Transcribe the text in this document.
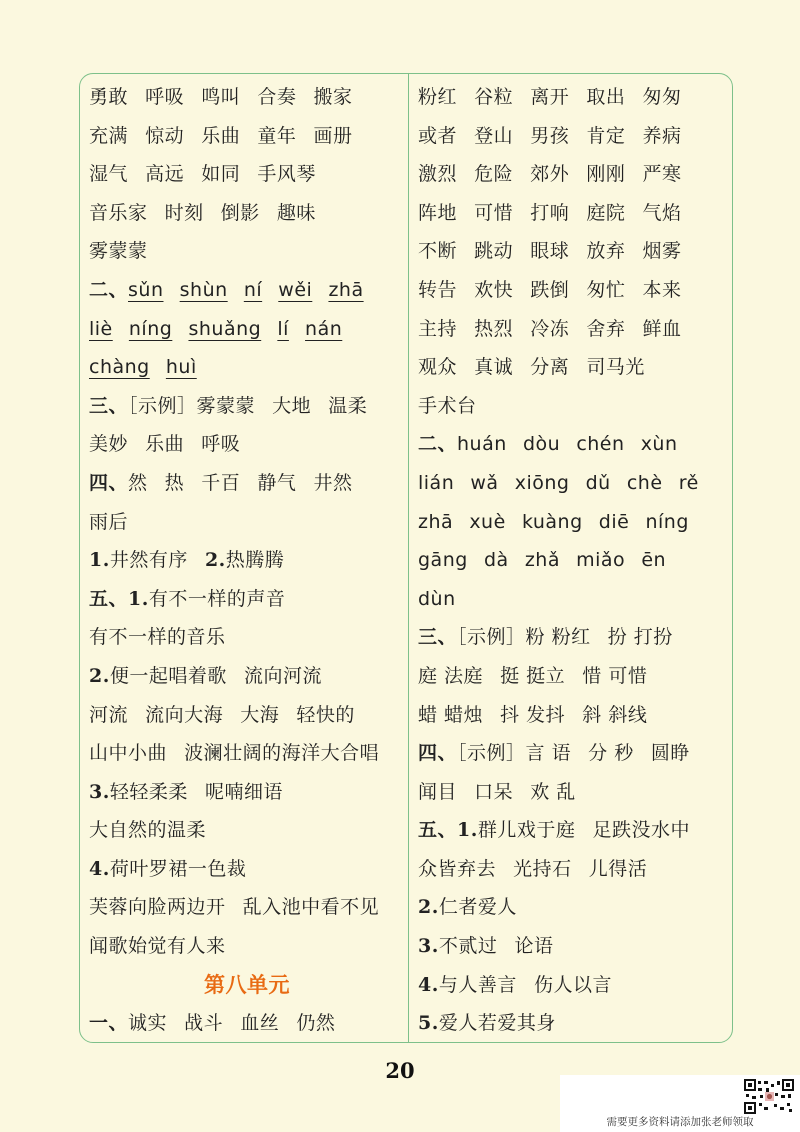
勇敢 呼吸 鸣叫 合奏 搬家
充满 惊动 乐曲 童年 画册
湿气 高远 如同 手风琴
音乐家 时刻 倒影 趣味
雾蒙蒙
二、sǔn shùn ní wěi zhā
liè níng shuǎng lí nán
chàng huì
三、［示例］雾蒙蒙 大地 温柔
美妙 乐曲 呼吸
四、然 热 千百 静气 井然
雨后
1.井然有序 2.热腾腾
五、1.有不一样的声音
有不一样的音乐
2.便一起唱着歌 流向河流
河流 流向大海 大海 轻快的
山中小曲 波澜壮阔的海洋大合唱
3.轻轻柔柔 呢喃细语
大自然的温柔
4.荷叶罗裙一色裁
芙蓉向脸两边开 乱入池中看不见
闻歌始觉有人来
第八单元
一、诚实 战斗 血丝 仍然
粉红 谷粒 离开 取出 匆匆
或者 登山 男孩 肯定 养病
激烈 危险 郊外 刚刚 严寒
阵地 可惜 打响 庭院 气焰
不断 跳动 眼球 放弃 烟雾
转告 欢快 跌倒 匆忙 本来
主持 热烈 冷冻 舍弃 鲜血
观众 真诚 分离 司马光
手术台
二、huán dòu chén xùn
lián wǎ xiōng dǔ chè rě
zhā xuè kuàng diē níng
gāng dà zhǎ miǎo ēn
dùn
三、［示例］粉 粉红 扮 打扮
庭 法庭 挺 挺立 惜 可惜
蜡 蜡烛 抖 发抖 斜 斜线
四、［示例］言 语 分 秒 圆睁
闻目 口呆 欢 乱
五、1.群儿戏于庭 足跌没水中
众皆弃去 光持石 儿得活
2.仁者爱人
3.不贰过 论语
4.与人善言 伤人以言
5.爱人若爱其身
20
需要更多资料请添加张老师领取
